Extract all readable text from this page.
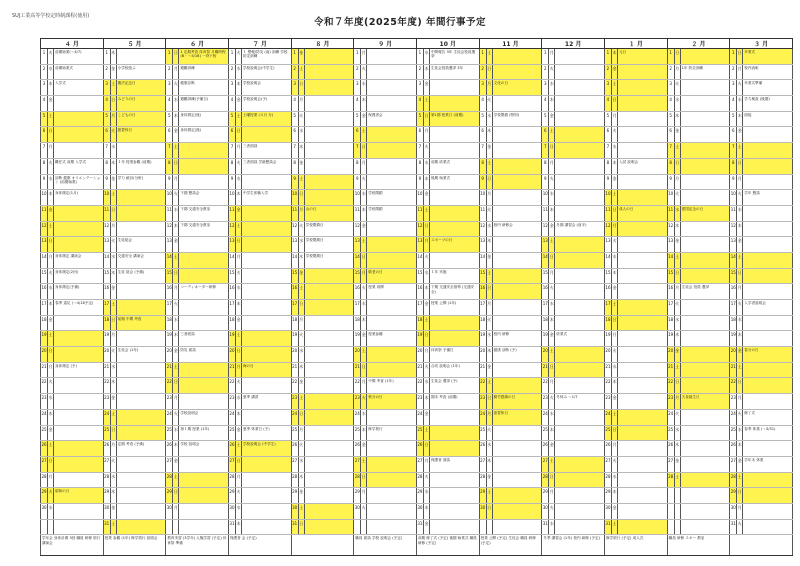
SUJ工業高等学校定時制課程(使用)
令和７年度(2025年度) 年間行事予定
４ 月			５ 月			６ 月			７ 月			８ 月			９ 月			10 月			11 月			12 月			１ 月			２ 月			３ 月		
1	火	前期始業(〜4/7)	1	木		1	日	1 定期考査 体育祭 月曜時程 (B・〜5/16) 一斉下校	1	火	１ 警報/防災 (南) 訓練 学校防災訓練	1	金		1	月		1	水	中間報告 3年 生徒会役員選挙	1	土		1	月		1	木	元日	1	日		1	日	卒業式
2	水	前期始業式	2	金	小学校遊ぶ	2	月	避難訓練	2	水	学校説明会(中学生)	2	土		2	火		2	木	生徒会役員選挙 3年	2	日		2	火		2	金		2	月	1年 防災訓練	2	月	校内表彰
3	木	入学式	3	土	憲法記念日	3	火	健康診断	3	木	学校説明会	3	日		3	水		3	金		3	月	文化の日	3	水		3	土		3	火		3	火	卒業式準備
4	金		4	日	みどりの日	4	水	避難訓練(予備日)	4	金	学校説明会(予)	4	月		4	木		4	土		4	火		4	木		4	日		4	水		4	水	学力検査 (後期)
5	土		5	月	こどもの日	5	木	身体測定(後)	5	土	土曜授業 (４月 分)	5	火		5	金	保護者会	5	日	第1期 授業日 (前期)	5	水	学校閉鎖 (特別)	5	金		5	月		5	木		5	木	面接
6	日		6	火	振替休日	6	金	身体測定(後)	6	日		6	水		6	土		6	月		6	木		6	土		6	火		6	金		6	金	
7	月		7	水		7	土		7	月	三者面談	7	木		7	日		7	火		7	金		7	日		7	水		7	土		7	土	
8	火	離任式 前期 入学式	8	木	１年 授業参観 (前期)	8	日		8	火	三者面談 学級懇談会	8	金		8	月		8	水	前期 終業式	8	土		8	月		8	木	入試 説明会	8	日		8	日	
9	水	診断 健康 オリエンテーション (前期始業)	9	金	学力 統計(分析)	9	月		9	水		9	土		9	火		9	木	後期 始業式	9	日		9	火		9	金		9	月		9	月	
10	木	身体測定(1月)	10	土		10	火	下期 懇談会	10	木	中学生体験入学	10	日		10	水	学校閉鎖	10	金		10	月		10	水		10	土		10	火		10	火	学年 懇談
11	金		11	日		11	水	下期 交通安全教室	11	金		11	月	山の日	11	木	学校閉鎖	11	土		11	火		11	木		11	日	成人の日	11	水	建国記念の日	11	水	
12	土		12	月		12	木	下期 交通安全教室	12	土		12	火	学校閉鎖日	12	金		12	日		12	水	校内 研修会	12	金	冬期 講習会 (前半)	12	月		12	木		12	木	
13	日		13	火	生徒総会	13	金		13	日		13	水	学校閉鎖日	13	土		13	月	スポーツの日	13	木		13	土		13	火		13	金		13	金	
14	月	身体測定 講演会	14	水	交通安全 講演会	14	土		14	月		14	木	学校閉鎖日	14	日		14	火		14	金		14	日		14	水		14	土		14	土	
15	火	身体測定(2回)	15	木	生徒 総会 (予備)	15	日		15	火		15	金		15	月	敬老の日	15	水	１年 実施	15	土		15	月		15	木		15	日		15	日	
16	水	身体測定(予備)	16	金		16	月	コーディネーター研修	16	水		16	土		16	火	授業 再開	16	木	下期 交通安全指導 (交通安全)	16	日		16	火		16	金		16	月	生徒会 役員 選挙	16	月	
17	木	春季 遠足 (〜4/18予定)	17	土		17	火		17	木		17	日		17	水		17	金	授業 公開 (1年)	17	月		17	水		17	土		17	火		17	火	入学者説明会
18	金		18	日	前期 中間 考査	18	水		18	金		18	月		18	木		18	土		18	火		18	木		18	日		18	水		18	水	
19	土		19	月		19	木	三者面談	19	土		19	火		19	金	授業参観	19	日		19	水	校内 研修	19	金	終業式	19	月		19	木		19	木	
20	日		20	火	生徒会 (1年)	20	金	防災 面談	20	日		20	水		20	土		20	月	体育祭 予備日	20	木	健康 診断 (予)	20	土		20	火		20	金		20	金	春分の日
21	月	身体測定 (予)	21	水		21	土		21	月	海の日	21	木		21	日		21	火	合同 説明会 (1年)	21	金		21	日		21	水		21	土		21	土	
22	火		22	木		22	日		22	火		22	金		22	月	中間 考査 (1年)	22	水	生徒会 選挙 (予)	22	土		22	月		22	木		22	日		22	日	
23	水		23	金		23	月		23	水	夏季 講習	23	土		23	火	秋分の日	23	木	期末 考査 (前期)	23	日	勤労感謝の日	23	火	冬休み 〜1/7	23	金		23	月	天皇誕生日	23	月	
24	木		24	土		24	火	学校説明会	24	木		24	日		24	水		24	金		24	月	振替休日	24	水		24	土		24	火		24	火	修了式
25	金		25	日		25	水	第１期 授業 (1年)	25	金	夏季 休業日 (予)	25	月		25	木	修学旅行	25	土		25	火		25	木		25	日		25	水		25	水	春季 休業 (〜3/31)
26	土		26	月	定期 考査 (予備)	26	木	学校 説明会	26	土	学校説明会 (中学生)	26	火		26	金		26	日		26	水		26	金		26	月		26	木		26	木	
27	日		27	火		27	金		27	日		27	水		27	土		27	月	保護者 面談	27	木		27	土		27	火		27	金		27	金	学年末 休業
28	月		28	水		28	土		28	月		28	木		28	日		28	火		28	金		28	日		28	水		28	土		28	土	
29	火	昭和の日	29	木		29	日		29	火		29	金		29	月		29	水		29	土		29	月		29	木					29	日	
30	水		30	金		30	月		30	水		30	土		30	火		30	木		30	日		30	火		30	金					30	月	
			31	土					31	木		31	日					31	金					31	水		31	土					31	火	
学年会 身体計測 3回 職員 研修 旅行 講演会			授業 参観 (1年) 修学旅行 説明会			教育実習 (3学年) 人権学習 (予定) 体育祭 準備			保護者 会 (予定)						職員 面談 学校 説明会 (予定)			前期 修了式 (予定) 後期 始業式 職員 研修 (予定)			授業 公開 (予定) 生徒会 職員 研修 (予定)			冬季 講習会 (1年) 校内 研修 (予定)			修学旅行 (予定) 成人式			職員 研修 スキー 教室					
